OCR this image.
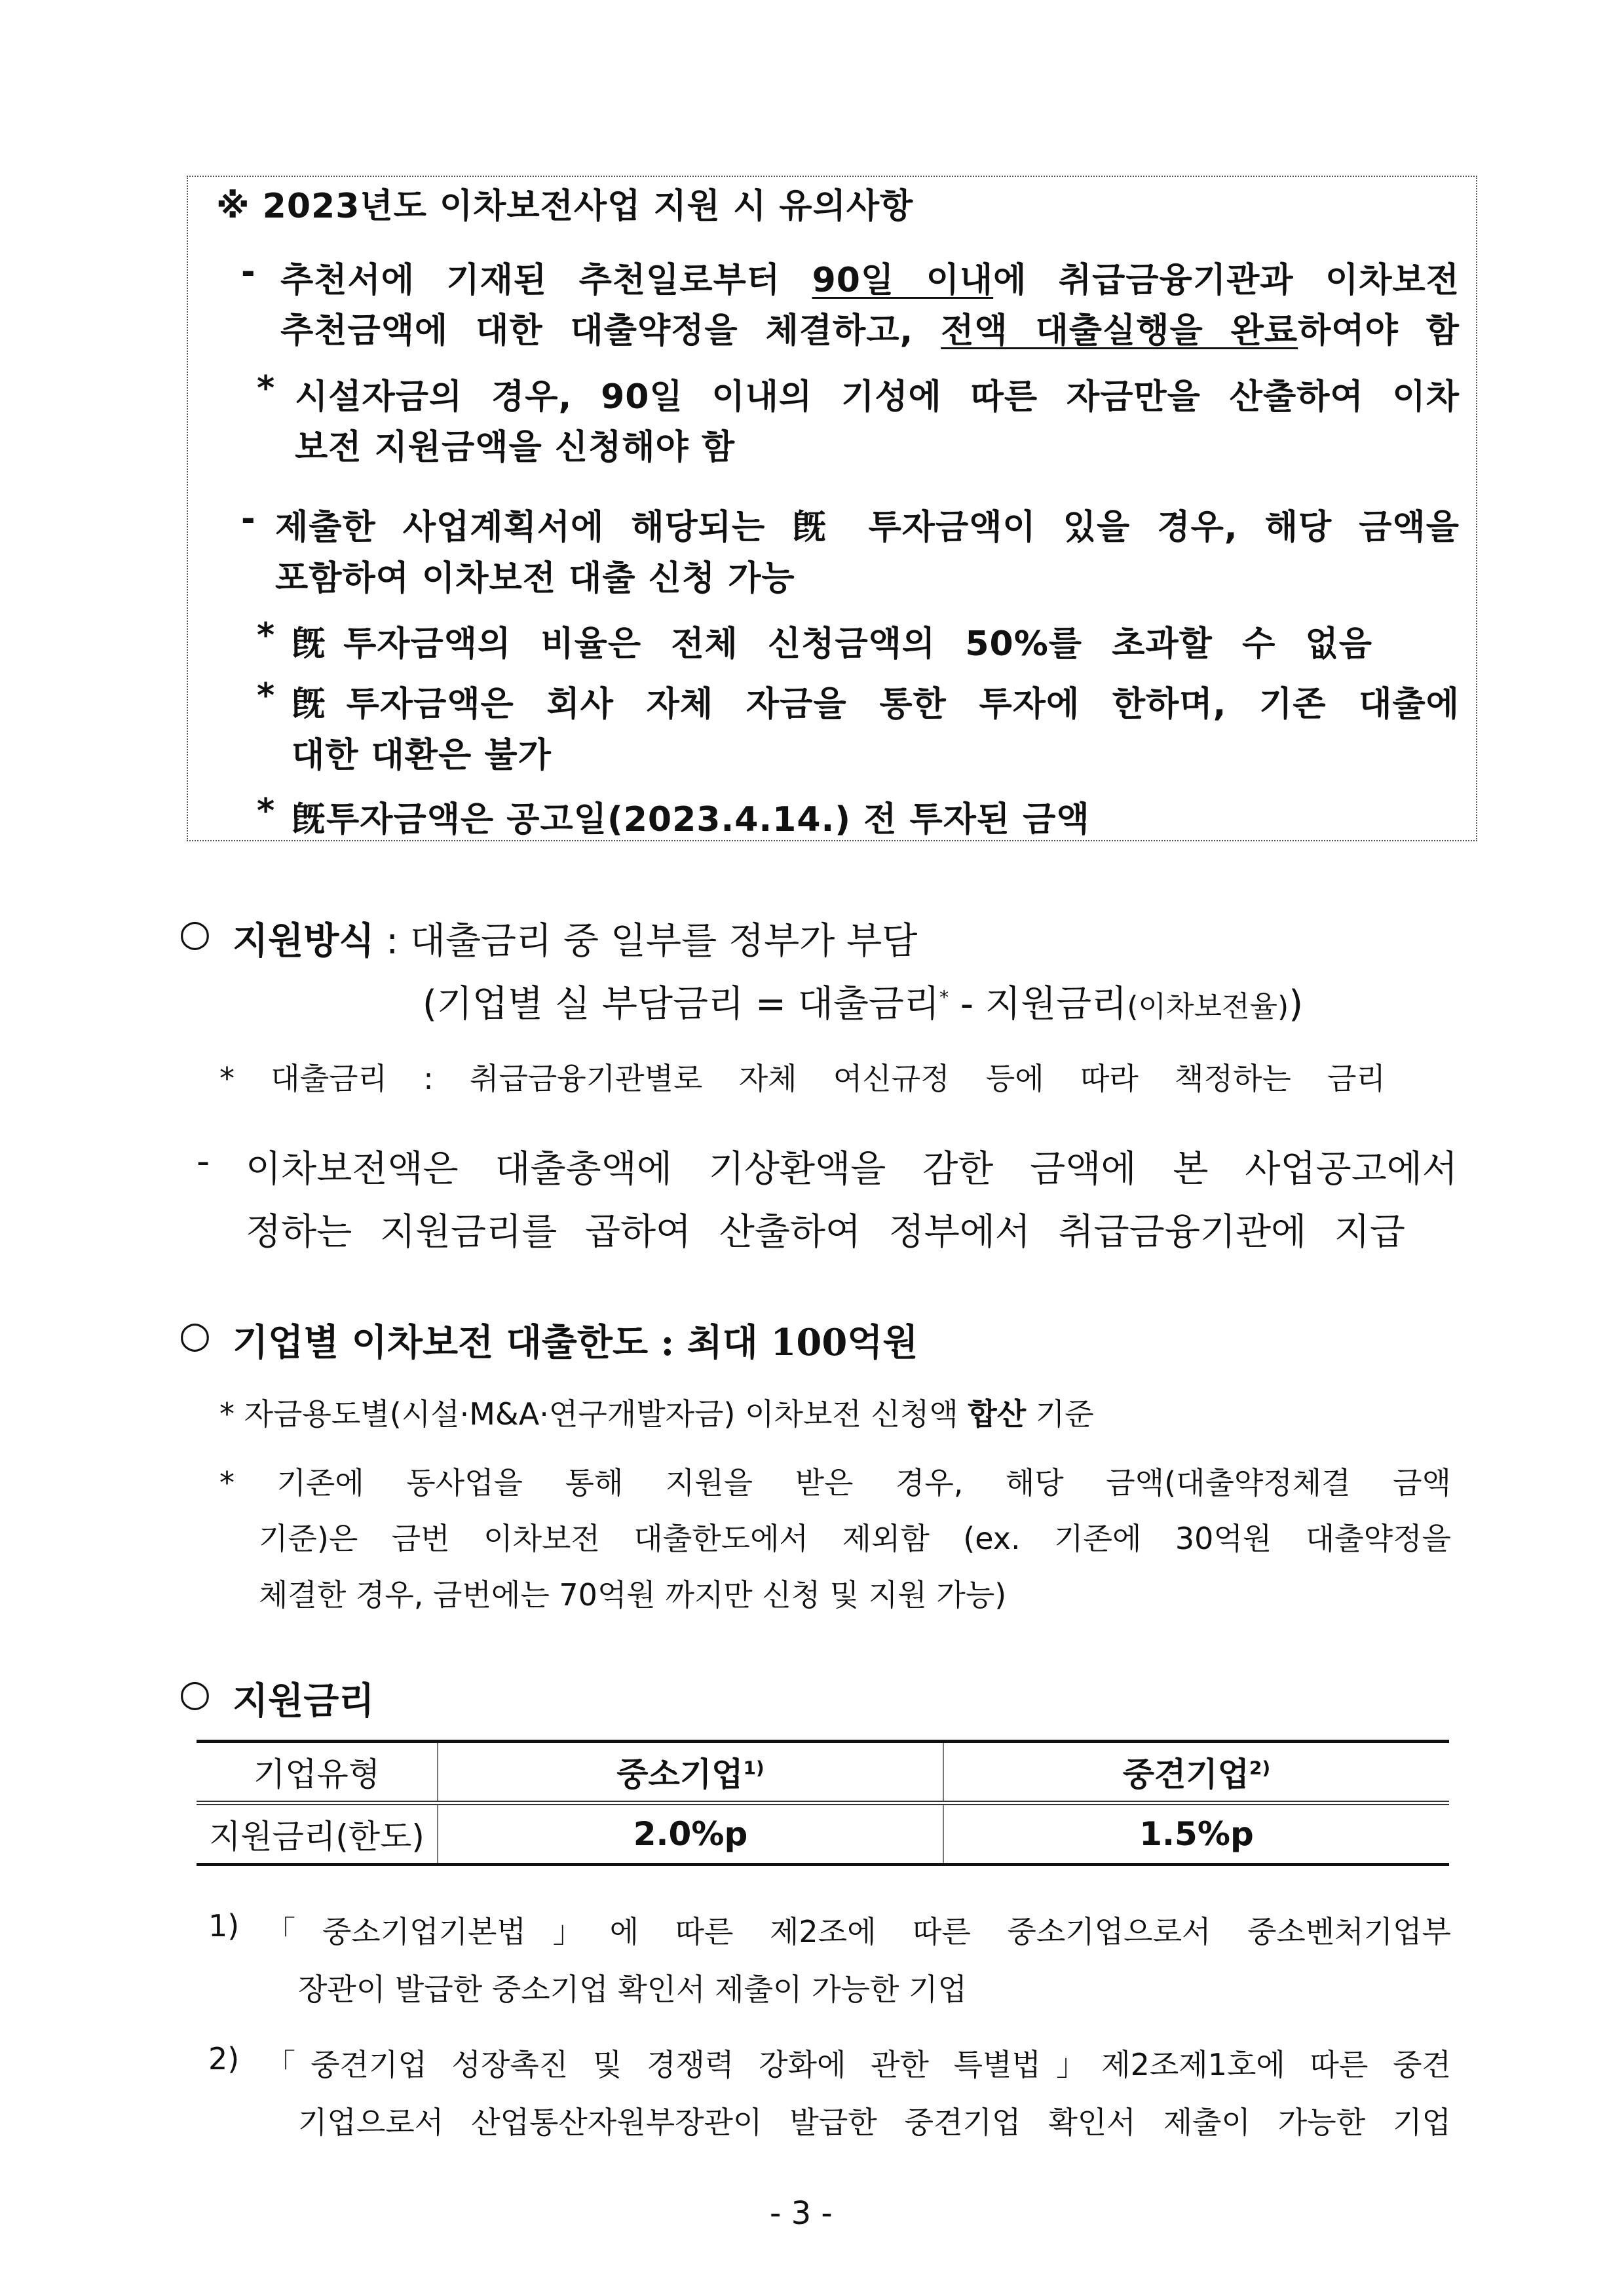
※ 2023년도 이차보전사업 지원 시 유의사항
- 추천서에 기재된 추천일로부터 90일 이내에 취급금융기관과 이차보전
추천금액에 대한 대출약정을 체결하고, 전액 대출실행을 완료하여야 함
* 시설자금의 경우, 90일 이내의 기성에 따른 자금만을 산출하여 이차
보전 지원금액을 신청해야 함
- 제출한 사업계획서에 해당되는 旣 투자금액이 있을 경우, 해당 금액을
포함하여 이차보전 대출 신청 가능
* 旣투자금액의 비율은 전체 신청금액의 50%를 초과할 수 없음
* 旣투자금액은 회사 자체 자금을 통한 투자에 한하며, 기존 대출에
대한 대환은 불가
* 旣투자금액은 공고일(2023.4.14.) 전 투자된 금액
○ 지원방식 : 대출금리 중 일부를 정부가 부담
(기업별 실 부담금리 = 대출금리* - 지원금리(이차보전율))
* 대출금리 : 취급금융기관별로 자체 여신규정 등에 따라 책정하는 금리
- 이차보전액은 대출총액에 기상환액을 감한 금액에 본 사업공고에서
정하는 지원금리를 곱하여 산출하여 정부에서 취급금융기관에 지급
○ 기업별 이차보전 대출한도 : 최대 100억원
* 자금용도별(시설·M&A·연구개발자금) 이차보전 신청액 합산 기준
* 기존에 동사업을 통해 지원을 받은 경우, 해당 금액(대출약정체결 금액
기준)은 금번 이차보전 대출한도에서 제외함 (ex. 기존에 30억원 대출약정을
체결한 경우, 금번에는 70억원 까지만 신청 및 지원 가능)
○ 지원금리
기업유형	중소기업$^{1)}$	중견기업$^{2)}$
지원금리(한도)	2.0%p	1.5%p
1) 「중소기업기본법」에 따른 제2조에 따른 중소기업으로서 중소벤처기업부
장관이 발급한 중소기업 확인서 제출이 가능한 기업
2) 「중견기업 성장촉진 및 경쟁력 강화에 관한 특별법」제2조제1호에 따른 중견
기업으로서 산업통산자원부장관이 발급한 중견기업 확인서 제출이 가능한 기업
- 3 -
